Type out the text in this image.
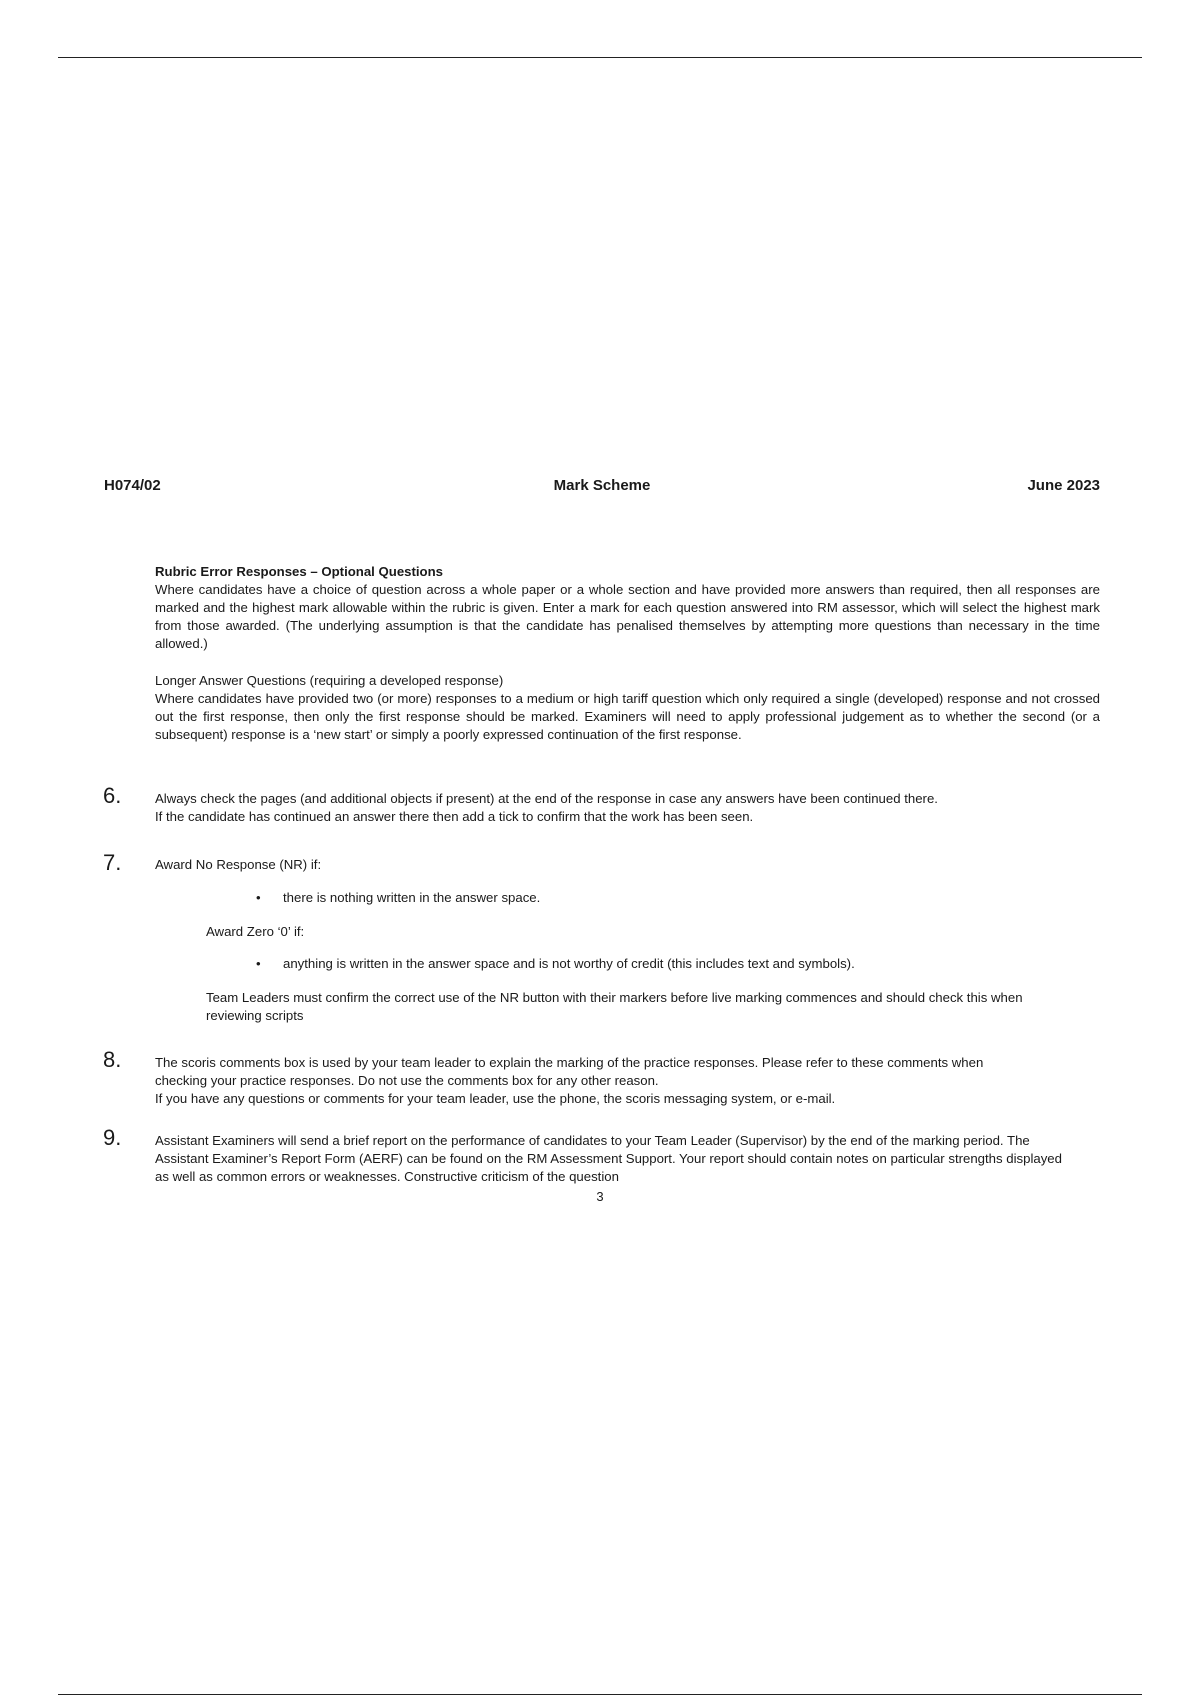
H074/02	Mark Scheme	June 2023
Rubric Error Responses – Optional Questions
Where candidates have a choice of question across a whole paper or a whole section and have provided more answers than required, then all responses are marked and the highest mark allowable within the rubric is given. Enter a mark for each question answered into RM assessor, which will select the highest mark from those awarded. (The underlying assumption is that the candidate has penalised themselves by attempting more questions than necessary in the time allowed.)
Longer Answer Questions (requiring a developed response)
Where candidates have provided two (or more) responses to a medium or high tariff question which only required a single (developed) response and not crossed out the first response, then only the first response should be marked. Examiners will need to apply professional judgement as to whether the second (or a subsequent) response is a ‘new start’ or simply a poorly expressed continuation of the first response.
6.	Always check the pages (and additional objects if present) at the end of the response in case any answers have been continued there.
If the candidate has continued an answer there then add a tick to confirm that the work has been seen.
7.	Award No Response (NR) if:
• there is nothing written in the answer space.
Award Zero ‘0’ if:
• anything is written in the answer space and is not worthy of credit (this includes text and symbols).
Team Leaders must confirm the correct use of the NR button with their markers before live marking commences and should check this when reviewing scripts
8.	The scoris comments box is used by your team leader to explain the marking of the practice responses. Please refer to these comments when checking your practice responses. Do not use the comments box for any other reason.
If you have any questions or comments for your team leader, use the phone, the scoris messaging system, or e-mail.
9.	Assistant Examiners will send a brief report on the performance of candidates to your Team Leader (Supervisor) by the end of the marking period. The Assistant Examiner’s Report Form (AERF) can be found on the RM Assessment Support. Your report should contain notes on particular strengths displayed as well as common errors or weaknesses. Constructive criticism of the question
3
